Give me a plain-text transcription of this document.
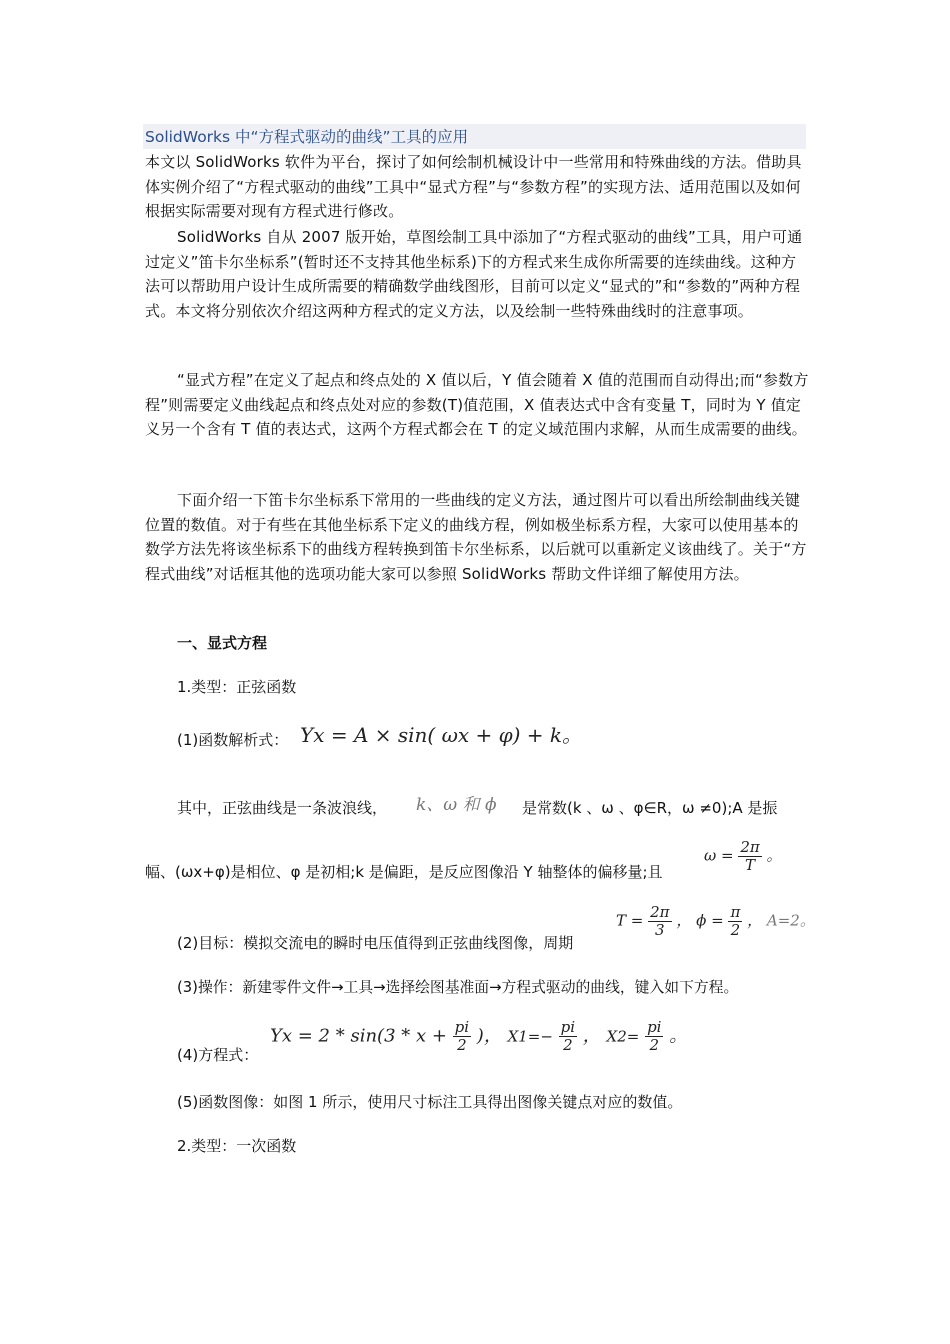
SolidWorks 中“方程式驱动的曲线”工具的应用

本文以 SolidWorks 软件为平台，探讨了如何绘制机械设计中一些常用和特殊曲线的方法。借助具体实例介绍了“方程式驱动的曲线”工具中“显式方程”与“参数方程”的实现方法、适用范围以及如何根据实际需要对现有方程式进行修改。

SolidWorks 自从 2007 版开始，草图绘制工具中添加了“方程式驱动的曲线”工具，用户可通过定义”笛卡尔坐标系”(暂时还不支持其他坐标系)下的方程式来生成你所需要的连续曲线。这种方法可以帮助用户设计生成所需要的精确数学曲线图形，目前可以定义“显式的”和“参数的”两种方程式。本文将分别依次介绍这两种方程式的定义方法，以及绘制一些特殊曲线时的注意事项。

“显式方程”在定义了起点和终点处的 X 值以后，Y 值会随着 X 值的范围而自动得出;而“参数方程”则需要定义曲线起点和终点处对应的参数(T)值范围，X 值表达式中含有变量 T，同时为 Y 值定义另一个含有 T 值的表达式，这两个方程式都会在 T 的定义域范围内求解，从而生成需要的曲线。

下面介绍一下笛卡尔坐标系下常用的一些曲线的定义方法，通过图片可以看出所绘制曲线关键位置的数值。对于有些在其他坐标系下定义的曲线方程，例如极坐标系方程，大家可以使用基本的数学方法先将该坐标系下的曲线方程转换到笛卡尔坐标系，以后就可以重新定义该曲线了。关于“方程式曲线”对话框其他的选项功能大家可以参照 SolidWorks 帮助文件详细了解使用方法。

一、显式方程
1.类型：正弦函数
(1)函数解析式： Yx = A × sin( ωx + φ) + k。
其中，正弦曲线是一条波浪线， k、ω 和 ϕ 是常数(k 、ω 、φ∈R，ω ≠0);A 是振
幅、(ωx+φ)是相位、φ 是初相;k 是偏距，是反应图像沿 Y 轴整体的偏移量;且
$\omega = \frac{2\pi}{T}$ 。
(2)目标：模拟交流电的瞬时电压值得到正弦曲线图像，周期
$T = \frac{2\pi}{3}$ ， $\phi = \frac{\pi}{2}$ ， A=2。
(3)操作：新建零件文件→工具→选择绘图基准面→方程式驱动的曲线，键入如下方程。
(4)方程式：
$Yx = 2 * \sin(3 * x + \frac{pi}{2}$ )， $X1=- \frac{pi}{2}$ ， $X2= \frac{pi}{2}$ 。
(5)函数图像：如图 1 所示，使用尺寸标注工具得出图像关键点对应的数值。
2.类型：一次函数
